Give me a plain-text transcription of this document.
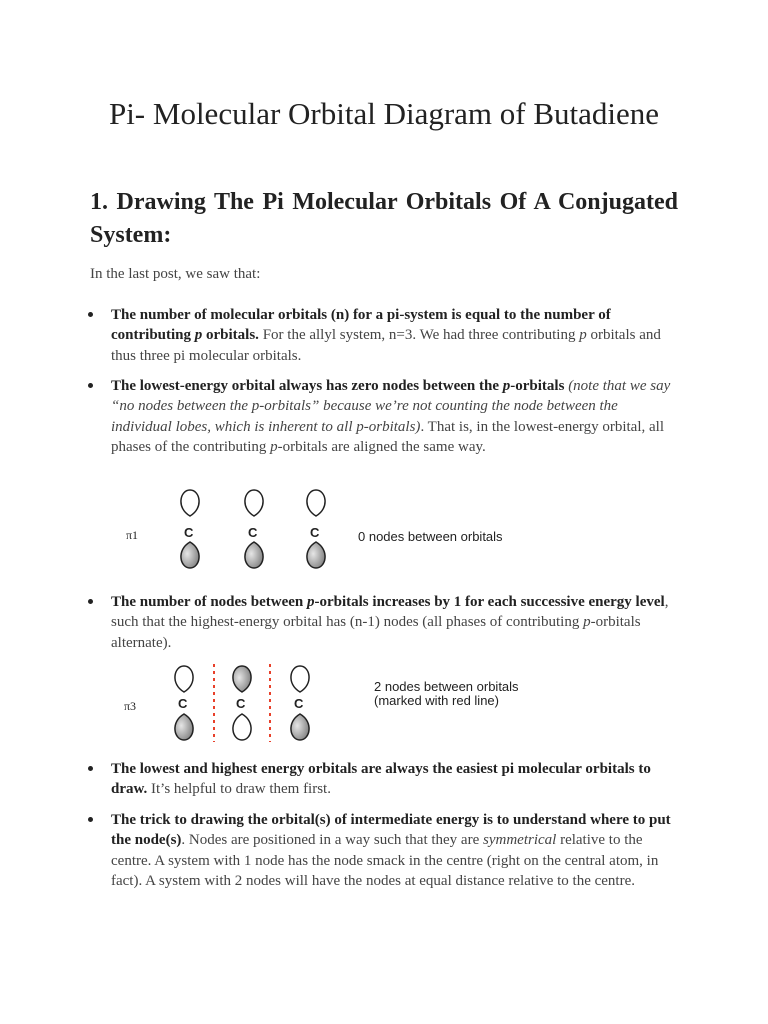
Pi- Molecular Orbital Diagram of Butadiene
1. Drawing The Pi Molecular Orbitals Of A Conjugated System:

In the last post, we saw that:

The number of molecular orbitals (n) for a pi-system is equal to the number of contributing p orbitals. For the allyl system, n=3. We had three contributing p orbitals and thus three pi molecular orbitals.

The lowest-energy orbital always has zero nodes between the p-orbitals (note that we say “no nodes between the p-orbitals” because we’re not counting the node between the individual lobes, which is inherent to all p-orbitals). That is, in the lowest-energy orbital, all phases of the contributing p-orbitals are aligned the same way.

π1	C	C	C	0 nodes between orbitals

The number of nodes between p-orbitals increases by 1 for each successive energy level, such that the highest-energy orbital has (n-1) nodes (all phases of contributing p-orbitals alternate).

π3	C	C	C
2 nodes between orbitals
(marked with red line)

The lowest and highest energy orbitals are always the easiest pi molecular orbitals to draw. It’s helpful to draw them first.

The trick to drawing the orbital(s) of intermediate energy is to understand where to put the node(s). Nodes are positioned in a way such that they are symmetrical relative to the centre. A system with 1 node has the node smack in the centre (right on the central atom, in fact). A system with 2 nodes will have the nodes at equal distance relative to the centre.
